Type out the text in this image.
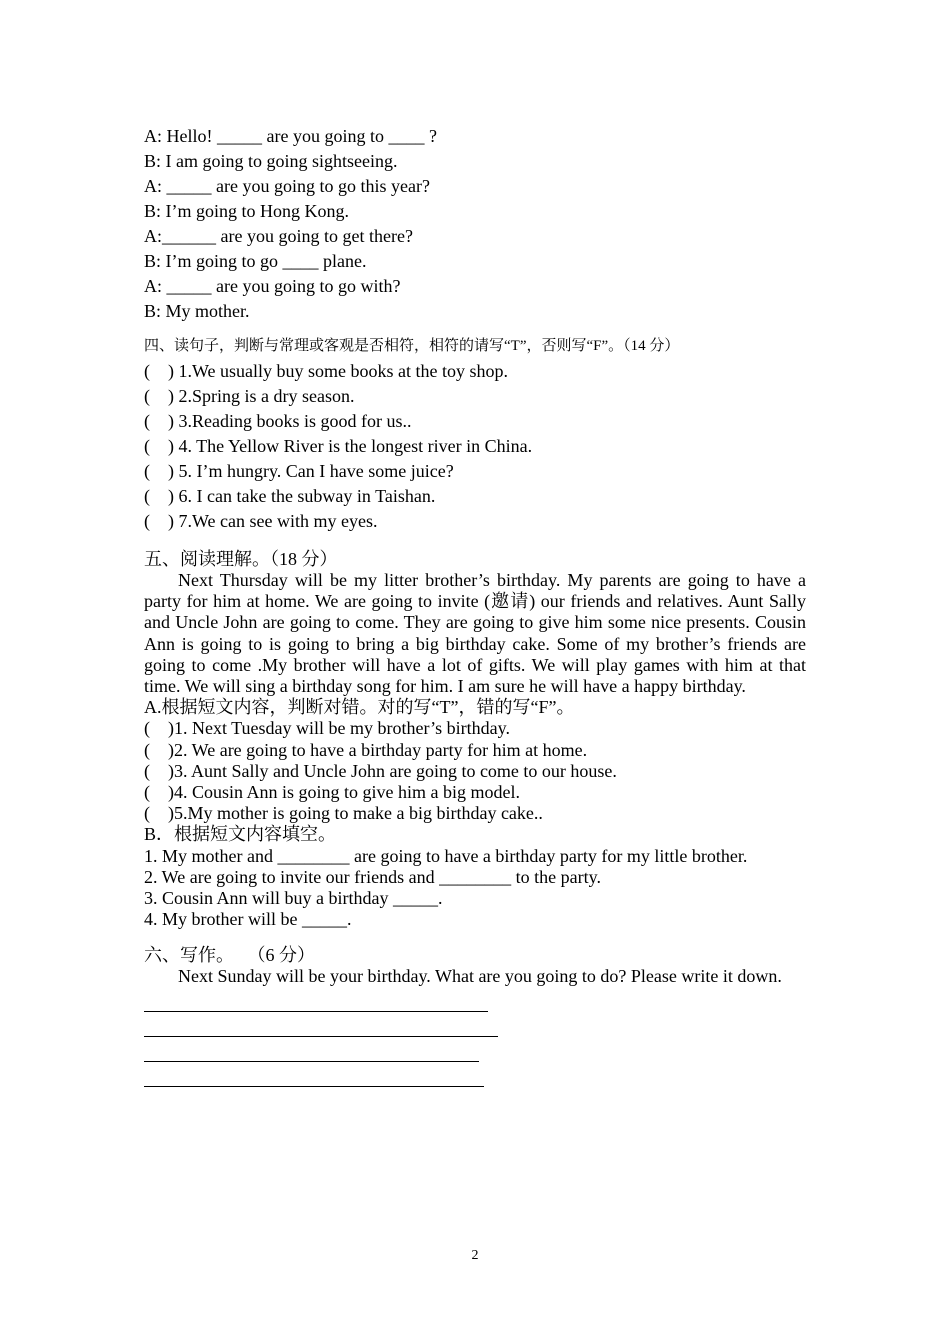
A: Hello! _____ are you going to ____ ?
B: I am going to going sightseeing.
A: _____ are you going to go this year?
B: I’m going to Hong Kong.
A:______ are you going to get there?
B: I’m going to go ____ plane.
A: _____ are you going to go with?
B: My mother.
四、读句子，判断与常理或客观是否相符，相符的请写“T”，否则写“F”。（14 分）
(    ) 1.We usually buy some books at the toy shop.
(    ) 2.Spring is a dry season.
(    ) 3.Reading books is good for us..
(    ) 4. The Yellow River is the longest river in China.
(    ) 5. I’m hungry. Can I have some juice?
(    ) 6. I can take the subway in Taishan.
(    ) 7.We can see with my eyes.
五、阅读理解。（18 分）
Next Thursday will be my litter brother’s birthday. My parents are going to have a party for him at home. We are going to invite (邀请) our friends and relatives. Aunt Sally and Uncle John are going to come. They are going to give him some nice presents. Cousin Ann is going to is going to bring a big birthday cake. Some of my brother’s friends are going to come .My brother will have a lot of gifts. We will play games with him at that time. We will sing a birthday song for him. I am sure he will have a happy birthday.
A.根据短文内容，判断对错。对的写“T”，错的写“F”。
(    )1. Next Tuesday will be my brother’s birthday.
(    )2. We are going to have a birthday party for him at home.
(    )3. Aunt Sally and Uncle John are going to come to our house.
(    )4. Cousin Ann is going to give him a big model.
(    )5.My mother is going to make a big birthday cake..
B．根据短文内容填空。
1. My mother and ________ are going to have a birthday party for my little brother.
2. We are going to invite our friends and ________ to the party.
3. Cousin Ann will buy a birthday _____.
4. My brother will be _____.
六、写作。   （6 分）
Next Sunday will be your birthday. What are you going to do? Please write it down.
2
